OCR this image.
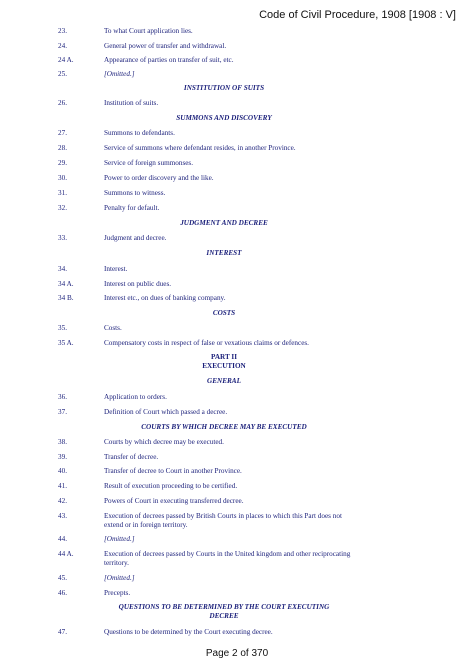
Code of Civil Procedure, 1908 [1908 : V]
23.	To what Court application lies.
24.	General power of transfer and withdrawal.
24 A.	Appearance of parties on transfer of suit, etc.
25.	[Omitted.]
INSTITUTION OF SUITS
26.	Institution of suits.
SUMMONS AND DISCOVERY
27.	Summons to defendants.
28.	Service of summons where defendant resides, in another Province.
29.	Service of foreign summonses.
30.	Power to order discovery and the like.
31.	Summons to witness.
32.	Penalty for default.
JUDGMENT AND DECREE
33.	Judgment and decree.
INTEREST
34.	Interest.
34 A.	Interest on public dues.
34 B.	Interest etc., on dues of banking company.
COSTS
35.	Costs.
35 A.	Compensatory costs in respect of false or vexatious claims or defences.
PART II
EXECUTION
GENERAL
36.	Application to orders.
37.	Definition of Court which passed a decree.
COURTS BY WHICH DECREE MAY BE EXECUTED
38.	Courts by which decree may be executed.
39.	Transfer of decree.
40.	Transfer of decree to Court in another Province.
41.	Result of execution proceeding to be certified.
42.	Powers of Court in executing transferred decree.
43.	Execution of decrees passed by British Courts in places to which this Part does not extend or in foreign territory.
44.	[Omitted.]
44 A.	Execution of decrees passed by Courts in the United kingdom and other reciprocating territory.
45.	[Omitted.]
46.	Precepts.
QUESTIONS TO BE DETERMINED BY THE COURT EXECUTING DECREE
47.	Questions to be determined by the Court executing decree.
Page 2 of 370
